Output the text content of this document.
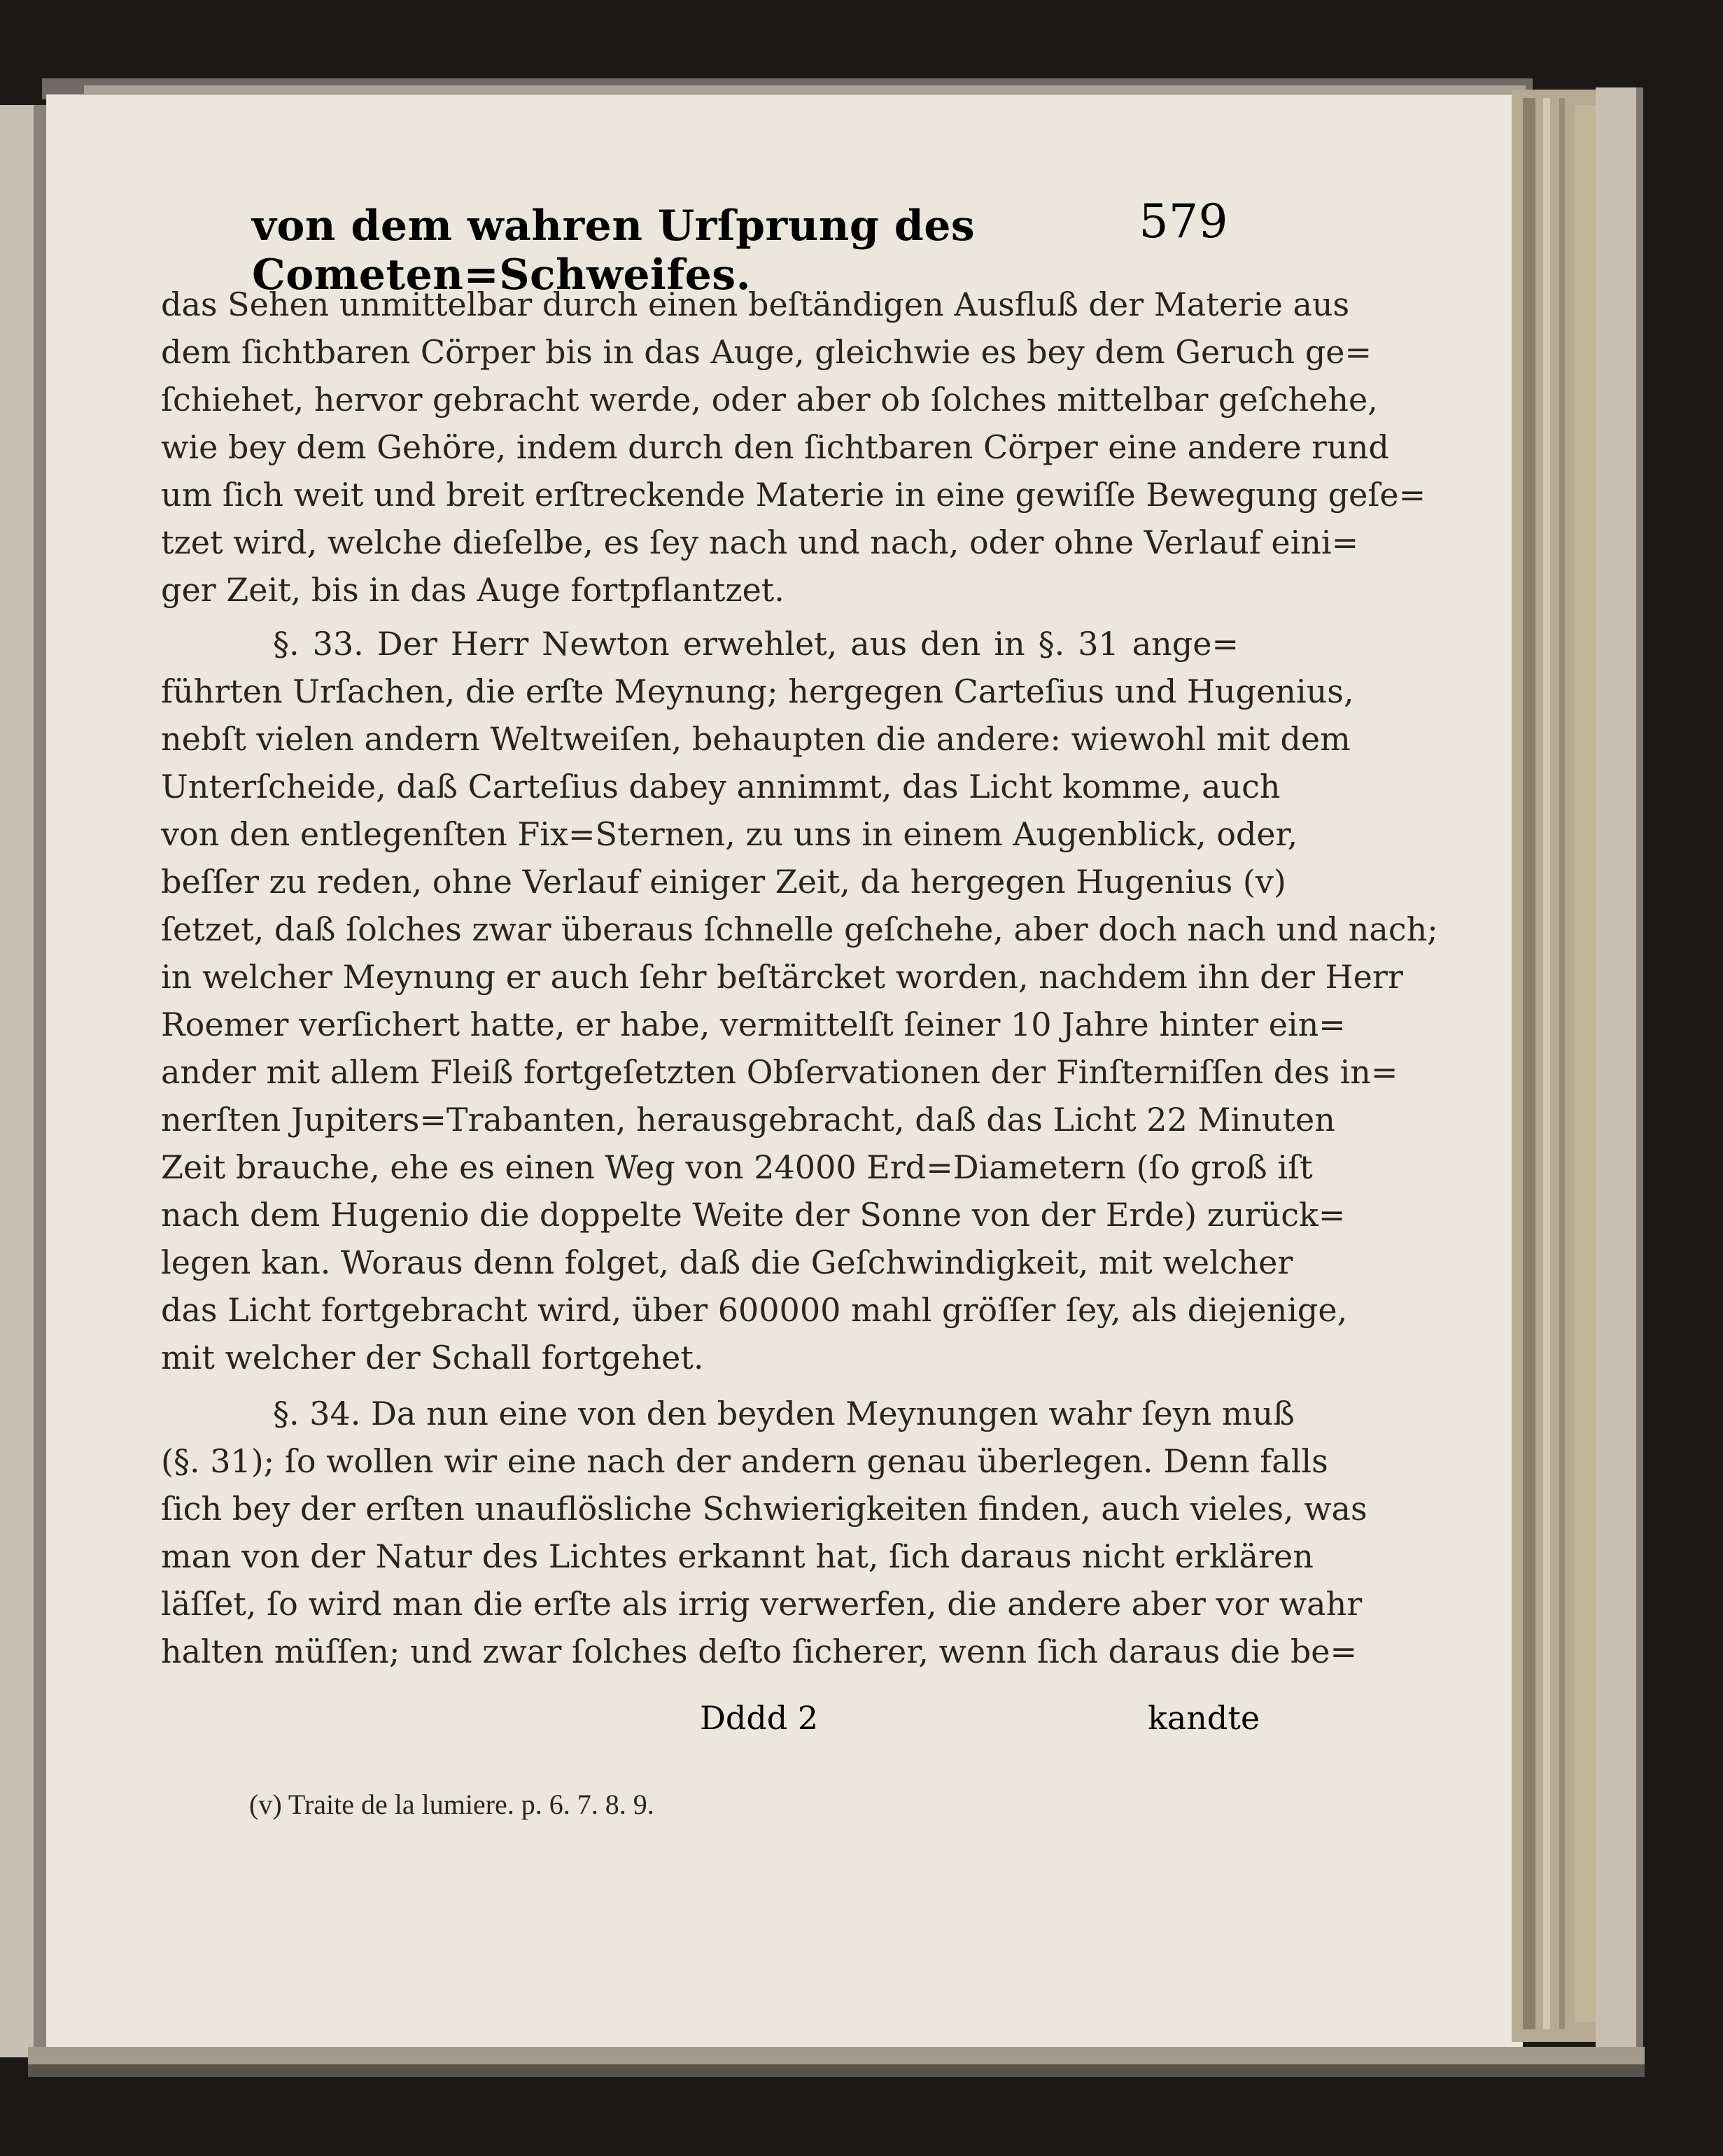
von dem wahren Urſprung des Cometen=Schweifes.
579
das Sehen unmittelbar durch einen beſtändigen Ausfluß der Materie aus
dem ſichtbaren Cörper bis in das Auge, gleichwie es bey dem Geruch ge=
ſchiehet, hervor gebracht werde, oder aber ob ſolches mittelbar geſchehe,
wie bey dem Gehöre, indem durch den ſichtbaren Cörper eine andere rund
um ſich weit und breit erſtreckende Materie in eine gewiſſe Bewegung geſe=
tzet wird, welche dieſelbe, es ſey nach und nach, oder ohne Verlauf eini=
ger Zeit, bis in das Auge fortpflantzet.
§. 33. Der Herr Newton erwehlet, aus den in §. 31 ange=
führten Urſachen, die erſte Meynung; hergegen Carteſius und Hugenius,
nebſt vielen andern Weltweiſen, behaupten die andere: wiewohl mit dem
Unterſcheide, daß Carteſius dabey annimmt, das Licht komme, auch
von den entlegenſten Fix=Sternen, zu uns in einem Augenblick, oder,
beſſer zu reden, ohne Verlauf einiger Zeit, da hergegen Hugenius (v)
ſetzet, daß ſolches zwar überaus ſchnelle geſchehe, aber doch nach und nach;
in welcher Meynung er auch ſehr beſtärcket worden, nachdem ihn der Herr
Roemer verſichert hatte, er habe, vermittelſt ſeiner 10 Jahre hinter ein=
ander mit allem Fleiß fortgeſetzten Obſervationen der Finſterniſſen des in=
nerſten Jupiters=Trabanten, herausgebracht, daß das Licht 22 Minuten
Zeit brauche, ehe es einen Weg von 24000 Erd=Diametern (ſo groß iſt
nach dem Hugenio die doppelte Weite der Sonne von der Erde) zurück=
legen kan. Woraus denn folget, daß die Geſchwindigkeit, mit welcher
das Licht fortgebracht wird, über 600000 mahl gröſſer ſey, als diejenige,
mit welcher der Schall fortgehet.
§. 34. Da nun eine von den beyden Meynungen wahr ſeyn muß
(§. 31); ſo wollen wir eine nach der andern genau überlegen. Denn falls
ſich bey der erſten unauflösliche Schwierigkeiten finden, auch vieles, was
man von der Natur des Lichtes erkannt hat, ſich daraus nicht erklären
läſſet, ſo wird man die erſte als irrig verwerfen, die andere aber vor wahr
halten müſſen; und zwar ſolches deſto ſicherer, wenn ſich daraus die be=
Dddd 2	kandte
(v) Traite de la lumiere. p. 6. 7. 8. 9.
